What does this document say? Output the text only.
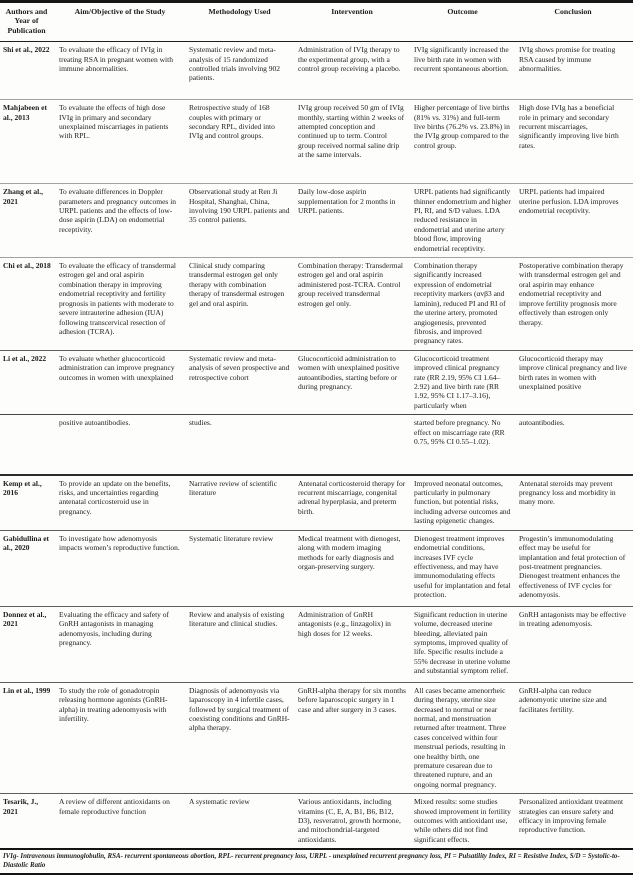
Authors and Year of Publication	Aim/Objective of the Study	Methodology Used	Intervention	Outcome	Conclusion
Shi et al., 2022	To evaluate the efficacy of IVIg in treating RSA in pregnant women with immune abnormalities.	Systematic review and meta-analysis of 15 randomized controlled trials involving 902 patients.	Administration of IVIg therapy to the experimental group, with a control group receiving a placebo.	IVIg significantly increased the live birth rate in women with recurrent spontaneous abortion.	IVIg shows promise for treating RSA caused by immune abnormalities.
Mahjabeen et al., 2013	To evaluate the effects of high dose IVIg in primary and secondary unexplained miscarriages in patients with RPL.	Retrospective study of 168 couples with primary or secondary RPL, divided into IVIg and control groups.	IVIg group received 50 gm of IVIg monthly, starting within 2 weeks of attempted conception and continued up to term. Control group received normal saline drip at the same intervals.	Higher percentage of live births (81% vs. 31%) and full-term live births (76.2% vs. 23.8%) in the IVIg group compared to the control group.	High dose IVIg has a beneficial role in primary and secondary recurrent miscarriages, significantly improving live birth rates.
Zhang et al., 2021	To evaluate differences in Doppler parameters and pregnancy outcomes in URPL patients and the effects of low-dose aspirin (LDA) on endometrial receptivity.	Observational study at Ren Ji Hospital, Shanghai, China, involving 190 URPL patients and 35 control patients.	Daily low-dose aspirin supplementation for 2 months in URPL patients.	URPL patients had significantly thinner endometrium and higher PI, RI, and S/D values. LDA reduced resistance in endometrial and uterine artery blood flow, improving endometrial receptivity.	URPL patients had impaired uterine perfusion. LDA improves endometrial receptivity.
Chi et al., 2018	To evaluate the efficacy of transdermal estrogen gel and oral aspirin combination therapy in improving endometrial receptivity and fertility prognosis in patients with moderate to severe intrauterine adhesion (IUA) following transcervical resection of adhesion (TCRA).	Clinical study comparing transdermal estrogen gel only therapy with combination therapy of transdermal estrogen gel and oral aspirin.	Combination therapy: Transdermal estrogen gel and oral aspirin administered post-TCRA. Control group received transdermal estrogen gel only.	Combination therapy significantly increased expression of endometrial receptivity markers (αvβ3 and laminin), reduced PI and RI of the uterine artery, promoted angiogenesis, prevented fibrosis, and improved pregnancy rates.	Postoperative combination therapy with transdermal estrogen gel and oral aspirin may enhance endometrial receptivity and improve fertility prognosis more effectively than estrogen only therapy.
Li et al., 2022	To evaluate whether glucocorticoid administration can improve pregnancy outcomes in women with unexplained	Systematic review and meta-analysis of seven prospective and retrospective cohort	Glucocorticoid administration to women with unexplained positive autoantibodies, starting before or during pregnancy.	Glucocorticoid treatment improved clinical pregnancy rate (RR 2.19, 95% CI 1.64–2.92) and live birth rate (RR 1.92, 95% CI 1.17–3.16), particularly when	Glucocorticoid therapy may improve clinical pregnancy and live birth rates in women with unexplained positive
	positive autoantibodies.	studies.		started before pregnancy. No effect on miscarriage rate (RR 0.75, 95% CI 0.55–1.02).	autoantibodies.
Kemp et al., 2016	To provide an update on the benefits, risks, and uncertainties regarding antenatal corticosteroid use in pregnancy.	Narrative review of scientific literature	Antenatal corticosteroid therapy for recurrent miscarriage, congenital adrenal hyperplasia, and preterm birth.	Improved neonatal outcomes, particularly in pulmonary function, but potential risks, including adverse outcomes and lasting epigenetic changes.	Antenatal steroids may prevent pregnancy loss and morbidity in many more.
Gabidullina et al., 2020	To investigate how adenomyosis impacts women’s reproductive function.	Systematic literature review	Medical treatment with dienogest, along with modern imaging methods for early diagnosis and organ-preserving surgery.	Dienogest treatment improves endometrial conditions, increases IVF cycle effectiveness, and may have immunomodulating effects useful for implantation and fetal protection.	Progestin’s immunomodulating effect may be useful for implantation and fetal protection of post-treatment pregnancies. Dienogest treatment enhances the effectiveness of IVF cycles for adenomyosis.
Donnez et al., 2021	Evaluating the efficacy and safety of GnRH antagonists in managing adenomyosis, including during pregnancy.	Review and analysis of existing literature and clinical studies.	Administration of GnRH antagonists (e.g., linzagolix) in high doses for 12 weeks.	Significant reduction in uterine volume, decreased uterine bleeding, alleviated pain symptoms, improved quality of life. Specific results include a 55% decrease in uterine volume and substantial symptom relief.	GnRH antagonists may be effective in treating adenomyosis.
Lin et al., 1999	To study the role of gonadotropin releasing hormone agonists (GnRH-alpha) in treating adenomyosis with infertility.	Diagnosis of adenomyosis via laparoscopy in 4 infertile cases, followed by surgical treatment of coexisting conditions and GnRH-alpha therapy.	GnRH-alpha therapy for six months before laparoscopic surgery in 1 case and after surgery in 3 cases.	All cases became amenorrheic during therapy, uterine size decreased to normal or near normal, and menstruation returned after treatment. Three cases conceived within four menstrual periods, resulting in one healthy birth, one premature cesarean due to threatened rupture, and an ongoing normal pregnancy.	GnRH-alpha can reduce adenomyotic uterine size and facilitates fertility.
Tesarik, J., 2021	A review of different antioxidants on female reproductive function	A systematic review	Various antioxidants, including vitamins (C, E, A, B1, B6, B12, D3), resveratrol, growth hormone, and mitochondrial-targeted antioxidants.	Mixed results: some studies showed improvement in fertility outcomes with antioxidant use, while others did not find significant effects.	Personalized antioxidant treatment strategies can ensure safety and efficacy in improving female reproductive function.
IVIg- Intravenous immunoglobulin, RSA- recurrent spontaneous abortion, RPL- recurrent pregnancy loss, URPL - unexplained recurrent pregnancy loss, PI = Pulsatility Index, RI = Resistive Index, S/D = Systolic-to-Diastolic Ratio					
